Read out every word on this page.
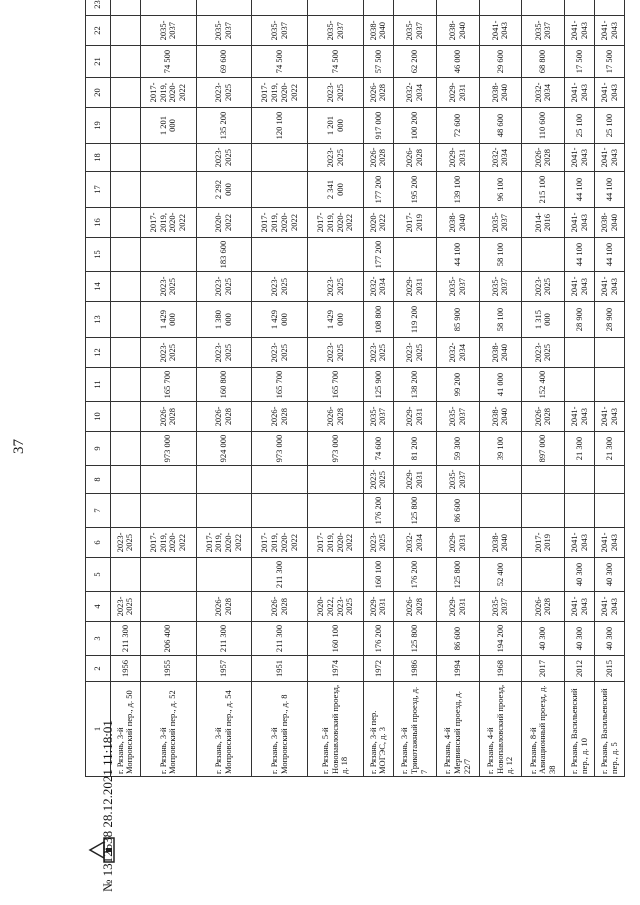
37
1	2	3	4	5	6	7	8	9	10	11	12	13	14	15	16	17	18	19	20	21	22	23	
г. Рязань, 3-й Мопровский пер., д. 50	1956	211 300	2023-2025		2023-2025																		
г. Рязань, 3-й Мопровский пер., д. 52	1955	206 400			2017-2019, 2020-2022			973 000	2026-2028	165 700	2023-2025	1 429 000	2023-2025		2017-2019, 2020-2022			1 201 000	2017-2019, 2020-2022	74 500	2035-2037		
г. Рязань, 3-й Мопровский пер., д. 54	1957	211 300	2026-2028		2017-2019, 2020-2022			924 000	2026-2028	160 800	2023-2025	1 380 000	2023-2025	183 600	2020-2022	2 292 000	2023-2025	135 200	2023-2025	69 600	2035-2037		
г. Рязань, 3-й Мопровский пер., д. 8	1951	211 300	2026-2028	211 300	2017-2019, 2020-2022			973 000	2026-2028	165 700	2023-2025	1 429 000	2023-2025		2017-2019, 2020-2022			120 100	2017-2019, 2020-2022	74 500	2035-2037		
г. Рязань, 5-й Новопавловский проезд, д. 18	1974	160 100	2020-2022, 2023-2025		2017-2019, 2020-2022			973 000	2026-2028	165 700	2023-2025	1 429 000	2023-2025		2017-2019, 2020-2022	2 341 000	2023-2025	1 201 000	2023-2025	74 500	2035-2037		
г. Рязань, 3-й пер. МОГЭС, д. 3	1972	176 200	2029-2031	160 100	2023-2025	176 200	2023-2025	74 600	2035-2037	125 900	2023-2025	108 800	2032-2034	177 200	2020-2022	177 200	2026-2028	917 000	2026-2028	57 500	2038-2040		
г. Рязань, 3-й Трикотажный проезд, д. 7	1986	125 800	2026-2028	176 200	2032-2034	125 800	2029-2031	81 200	2029-2031	138 200	2023-2025	119 200	2029-2031		2017-2019	195 200	2026-2028	100 200	2032-2034	62 200	2035-2037		
г. Рязань, 4-й Мервинский проезд, д. 22/7	1994	86 600	2029-2031	125 800	2029-2031	86 600	2035-2037	59 300	2035-2037	99 200	2032-2034	85 900	2035-2037	44 100	2038-2040	139 100	2029-2031	72 600	2029-2031	46 000	2038-2040		
г. Рязань, 4-й Новопавловский проезд, д. 12	1968	194 200	2035-2037	52 400	2038-2040			39 100	2038-2040	41 000	2038-2040	58 100	2035-2037	58 100	2035-2037	96 100	2032-2034	48 600	2038-2040	29 600	2041-2043		
г. Рязань, 8-й Авиационный проезд, д. 38	2017	40 300	2026-2028		2017-2019			897 000	2026-2028	152 400	2023-2025	1 315 000	2023-2025		2014-2016	215 100	2026-2028	110 600	2032-2034	68 800	2035-2037		
г. Рязань, Васильевский пер., д. 10	2012	40 300	2041-2043	40 300	2041-2043			21 300	2041-2043			28 900	2041-2043	44 100	2041-2043	44 100	2041-2043	25 100	2041-2043	17 500	2041-2043		
г. Рязань, Васильевский пер., д. 5	2015	40 300	2041-2043	40 300	2041-2043			21 300	2041-2043			28 900	2041-2043	44 100	2038-2040	44 100	2041-2043	25 100	2041-2043	17 500	2041-2043		
№ 1312538 28.12.2021 11:18:01
